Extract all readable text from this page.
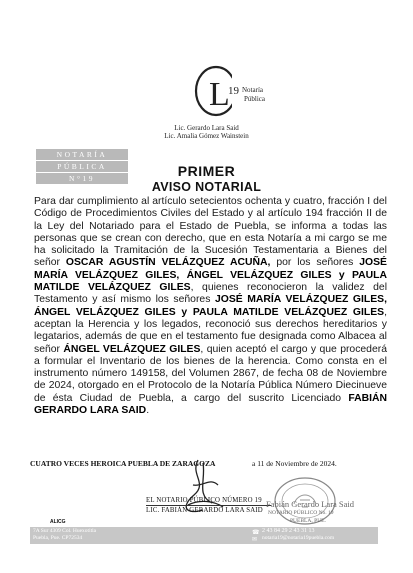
L
19 Notaría
Pública
Lic. Gerardo Lara Said
Lic. Amalia Gómez Wainstein
NOTARÍA
PÚBLICA
N°19	PRIMER
AVISO NOTARIAL
Para dar cumplimiento al artículo setecientos ochenta y cuatro, fracción I del Código de Procedimientos Civiles del Estado y al artículo 194 fracción II de la Ley del Notariado para el Estado de Puebla, se informa a todas las personas que se crean con derecho, que en esta Notaría a mi cargo se me ha solicitado la Tramitación de la Sucesión Testamentaria a Bienes del señor OSCAR AGUSTÍN VELÁZQUEZ ACUÑA, por los señores JOSÉ MARÍA VELÁZQUEZ GILES, ÁNGEL VELÁZQUEZ GILES y PAULA MATILDE VELÁZQUEZ GILES, quienes reconocieron la validez del Testamento y así mismo los señores JOSÉ MARÍA VELÁZQUEZ GILES, ÁNGEL VELÁZQUEZ GILES y PAULA MATILDE VELÁZQUEZ GILES, aceptan la Herencia y los legados, reconoció sus derechos hereditarios y legatarios, además de que en el testamento fue designada como Albacea al señor ÁNGEL VELÁZQUEZ GILES, quien aceptó el cargo y que procederá a formular el Inventario de los bienes de la herencia. Como consta en el instrumento número 149158, del Volumen 2867, de fecha 08 de Noviembre de 2024, otorgado en el Protocolo de la Notaría Pública Número Diecinueve de ésta Ciudad de Puebla, a cargo del suscrito Licenciado FABIÁN GERARDO LARA SAID.
CUATRO VECES HEROICA PUEBLA DE ZARAGOZA	a 11 de Noviembre de 2024.
EL NOTARIO PÚBLICO NÚMERO 19
LIC. FABIÁN GERARDO LARA SAID
Fabián Gerardo Lara Said
NOTARIO PÚBLICO No. 19
PUEBLA, PUE.
ALICG
7A Sur 4309 Col. Huexotitla
Puebla, Pue. CP72534
☎ 2 43 84 29 2 43 31 13
✉ notaria19@notaria19puebla.com
